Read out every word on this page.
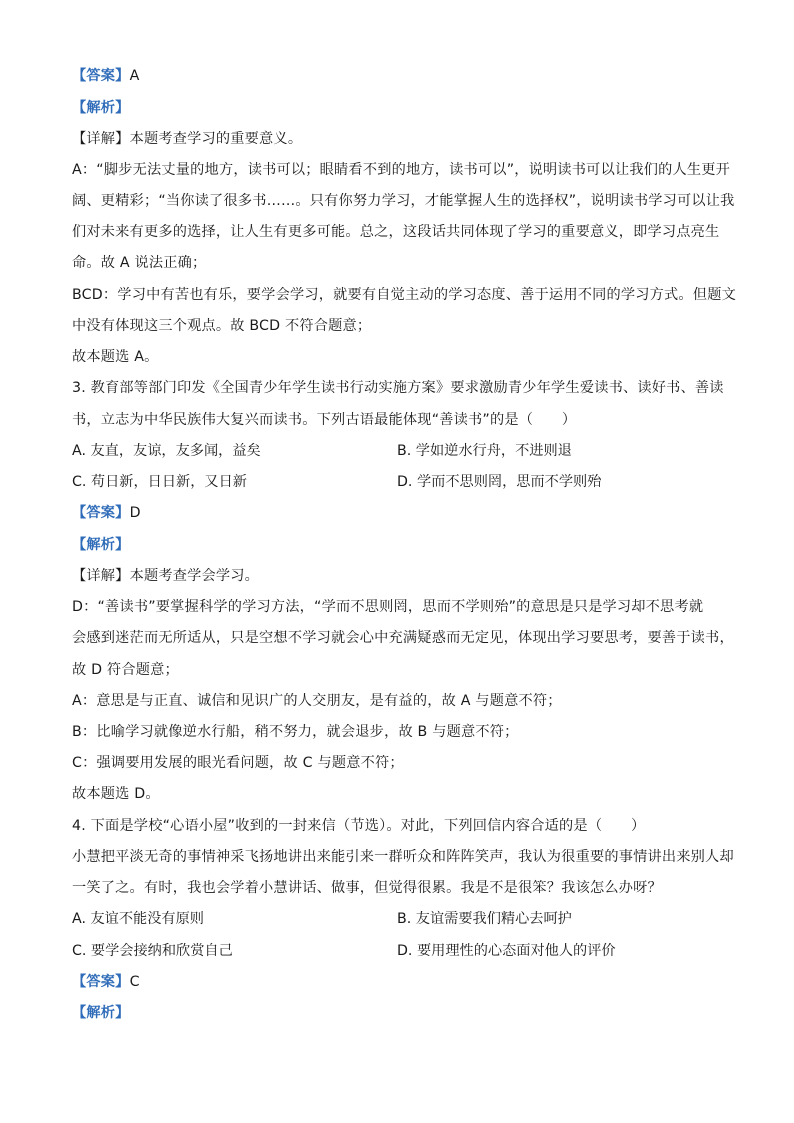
【答案】A
【解析】
【详解】本题考查学习的重要意义。
A：“脚步无法丈量的地方，读书可以；眼睛看不到的地方，读书可以”，说明读书可以让我们的人生更开
阔、更精彩；“当你读了很多书……。只有你努力学习，才能掌握人生的选择权”，说明读书学习可以让我
们对未来有更多的选择，让人生有更多可能。总之，这段话共同体现了学习的重要意义，即学习点亮生
命。故 A 说法正确；
BCD：学习中有苦也有乐，要学会学习，就要有自觉主动的学习态度、善于运用不同的学习方式。但题文
中没有体现这三个观点。故 BCD 不符合题意；
故本题选 A。
3. 教育部等部门印发《全国青少年学生读书行动实施方案》要求激励青少年学生爱读书、读好书、善读
书，立志为中华民族伟大复兴而读书。下列古语最能体现“善读书”的是（　　）
A. 友直，友谅，友多闻，益矣	B. 学如逆水行舟，不进则退
C. 苟日新，日日新，又日新	D. 学而不思则罔，思而不学则殆
【答案】D
【解析】
【详解】本题考查学会学习。
D：“善读书”要掌握科学的学习方法，“学而不思则罔，思而不学则殆”的意思是只是学习却不思考就
会感到迷茫而无所适从，只是空想不学习就会心中充满疑惑而无定见，体现出学习要思考，要善于读书，
故 D 符合题意；
A：意思是与正直、诚信和见识广的人交朋友，是有益的，故 A 与题意不符；
B：比喻学习就像逆水行船，稍不努力，就会退步，故 B 与题意不符；
C：强调要用发展的眼光看问题，故 C 与题意不符；
故本题选 D。
4. 下面是学校“心语小屋”收到的一封来信（节选）。对此，下列回信内容合适的是（　　）
小慧把平淡无奇的事情神采飞扬地讲出来能引来一群听众和阵阵笑声，我认为很重要的事情讲出来别人却
一笑了之。有时，我也会学着小慧讲话、做事，但觉得很累。我是不是很笨？我该怎么办呀？
A. 友谊不能没有原则	B. 友谊需要我们精心去呵护
C. 要学会接纳和欣赏自己	D. 要用理性的心态面对他人的评价
【答案】C
【解析】
